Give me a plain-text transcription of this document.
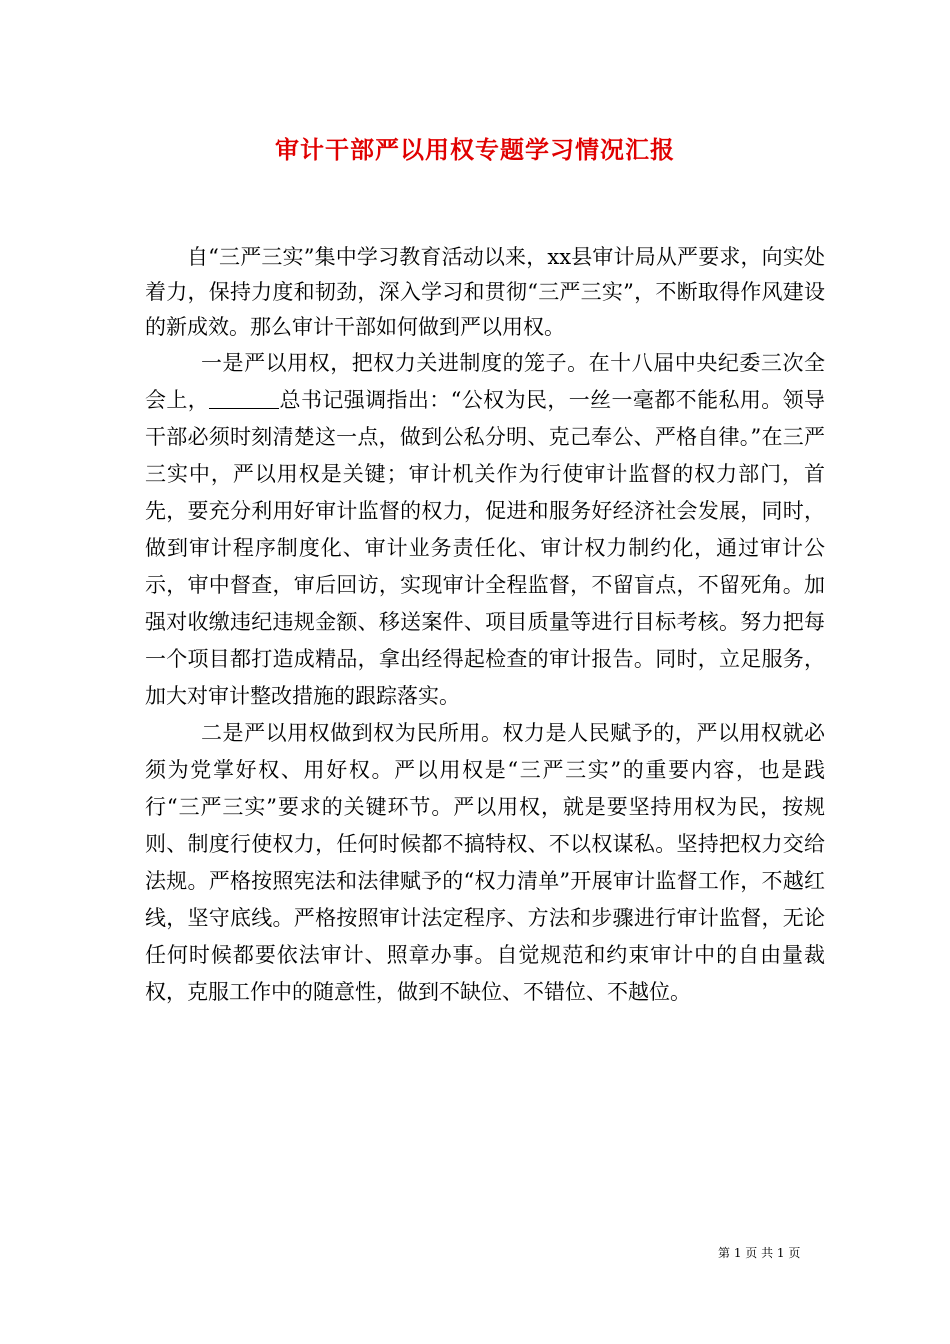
审计干部严以用权专题学习情况汇报

自“三严三实”集中学习教育活动以来，xx县审计局从严要求，向实处着力，保持力度和韧劲，深入学习和贯彻“三严三实”，不断取得作风建设的新成效。那么审计干部如何做到严以用权。

一是严以用权，把权力关进制度的笼子。在十八届中央纪委三次全会上，	总书记强调指出：“公权为民，一丝一毫都不能私用。领导干部必须时刻清楚这一点，做到公私分明、克己奉公、严格自律。”在三严三实中，严以用权是关键；审计机关作为行使审计监督的权力部门，首先，要充分利用好审计监督的权力，促进和服务好经济社会发展，同时，做到审计程序制度化、审计业务责任化、审计权力制约化，通过审计公示，审中督查，审后回访，实现审计全程监督，不留盲点，不留死角。加强对收缴违纪违规金额、移送案件、项目质量等进行目标考核。努力把每一个项目都打造成精品，拿出经得起检查的审计报告。同时，立足服务，加大对审计整改措施的跟踪落实。

二是严以用权做到权为民所用。权力是人民赋予的，严以用权就必须为党掌好权、用好权。严以用权是“三严三实”的重要内容，也是践行“三严三实”要求的关键环节。严以用权，就是要坚持用权为民，按规则、制度行使权力，任何时候都不搞特权、不以权谋私。坚持把权力交给法规。严格按照宪法和法律赋予的“权力清单”开展审计监督工作，不越红线，坚守底线。严格按照审计法定程序、方法和步骤进行审计监督，无论任何时候都要依法审计、照章办事。自觉规范和约束审计中的自由量裁权，克服工作中的随意性，做到不缺位、不错位、不越位。

第 1 页 共 1 页
